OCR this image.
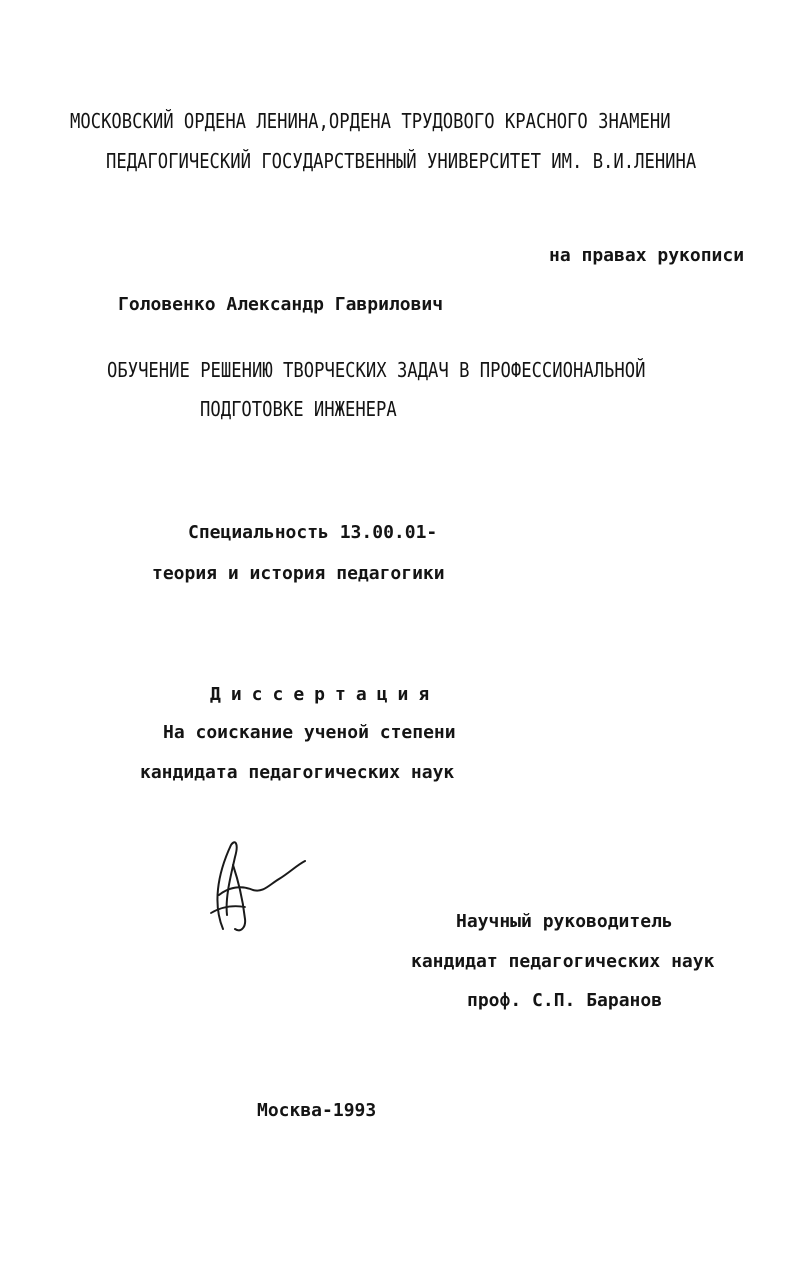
МОСКОВСКИЙ ОРДЕНА ЛЕНИНА,ОРДЕНА ТРУДОВОГО КРАСНОГО ЗНАМЕНИ

ПЕДАГОГИЧЕСКИЙ ГОСУДАРСТВЕННЫЙ УНИВЕРСИТЕТ ИМ. В.И.ЛЕНИНА

на правах рукописи

Головенко Александр Гаврилович

ОБУЧЕНИЕ РЕШЕНИЮ ТВОРЧЕСКИХ ЗАДАЧ В ПРОФЕССИОНАЛЬНОЙ

ПОДГОТОВКЕ ИНЖЕНЕРА

Специальность 13.00.01-

теория и история педагогики

Диссертация

На соискание ученой степени

кандидата педагогических наук

Научный руководитель

кандидат педагогических наук

проф. С.П. Баранов

Москва-1993
